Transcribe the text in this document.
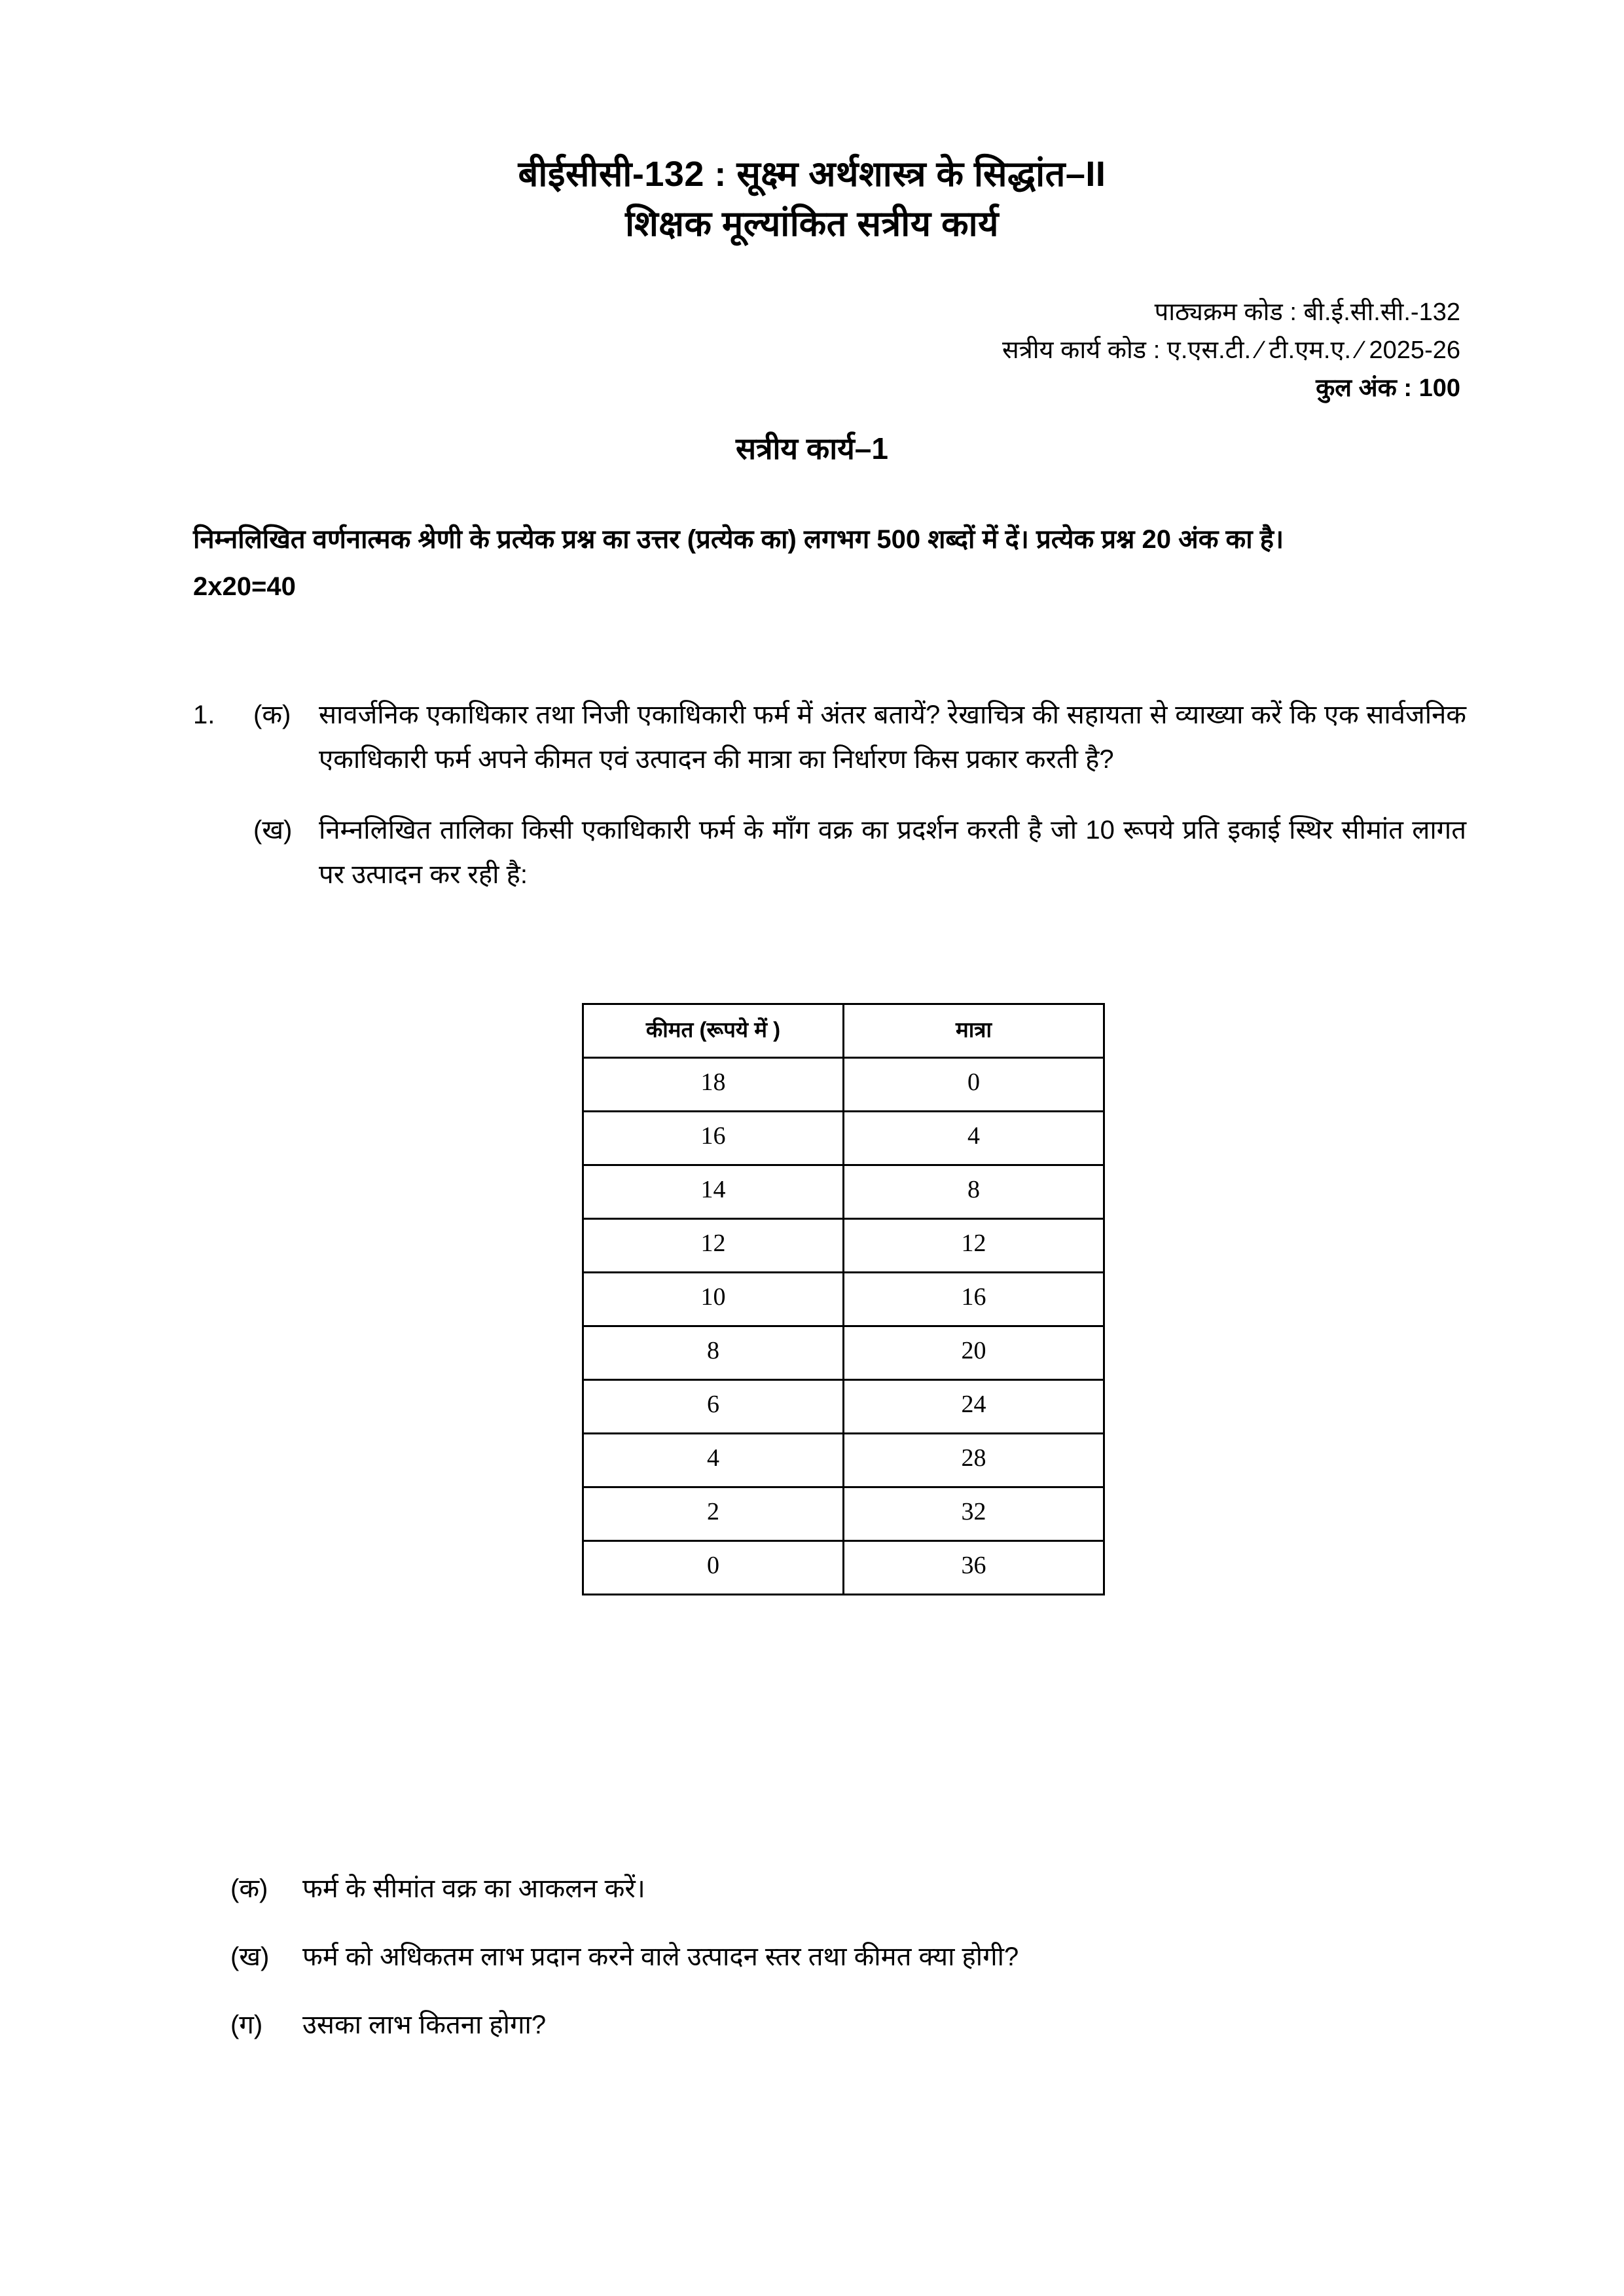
बीईसीसी-132 : सूक्ष्म अर्थशास्त्र के सिद्धांत–II
शिक्षक मूल्यांकित सत्रीय कार्य
पाठ्यक्रम कोड : बी.ई.सी.सी.-132
सत्रीय कार्य कोड : ए.एस.टी. ⁄ टी.एम.ए. ⁄ 2025-26
कुल अंक : 100
सत्रीय कार्य–1
निम्नलिखित वर्णनात्मक श्रेणी के प्रत्येक प्रश्न का उत्तर (प्रत्येक का) लगभग 500 शब्दों में दें। प्रत्येक प्रश्न 20 अंक का है।
2x20=40
1.	(क)	सावर्जनिक एकाधिकार तथा निजी एकाधिकारी फर्म में अंतर बतायें? रेखाचित्र की सहायता से व्याख्या करें कि एक सार्वजनिक एकाधिकारी फर्म अपने कीमत एवं उत्पादन की मात्रा का निर्धारण किस प्रकार करती है?
(ख)	निम्नलिखित तालिका किसी एकाधिकारी फर्म के माँग वक्र का प्रदर्शन करती है जो 10 रूपये प्रति इकाई स्थिर सीमांत लागत पर उत्पादन कर रही है:
कीमत (रूपये में )	मात्रा
18	0
16	4
14	8
12	12
10	16
8	20
6	24
4	28
2	32
0	36
(क)	फर्म के सीमांत वक्र का आकलन करें।
(ख)	फर्म को अधिकतम लाभ प्रदान करने वाले उत्पादन स्तर तथा कीमत क्या होगी?
(ग)	उसका लाभ कितना होगा?
